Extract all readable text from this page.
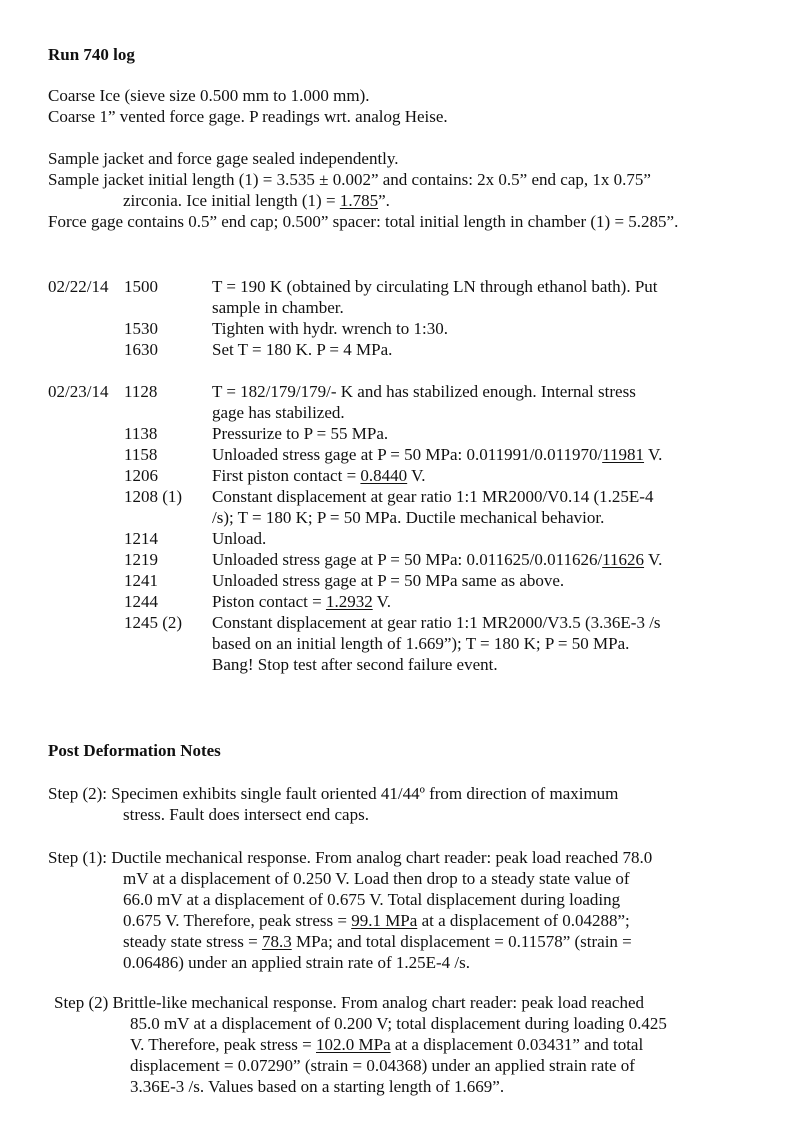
Run 740 log
Coarse Ice (sieve size 0.500 mm to 1.000 mm).
Coarse 1” vented force gage. P readings wrt. analog Heise.
Sample jacket and force gage sealed independently.
Sample jacket initial length (1) = 3.535 ± 0.002” and contains: 2x 0.5” end cap, 1x 0.75”
zirconia. Ice initial length (1) = 1.785”.
Force gage contains 0.5” end cap; 0.500” spacer: total initial length in chamber (1) = 5.285”.
02/22/14 1500	T = 190 K (obtained by circulating LN through ethanol bath). Put
sample in chamber.
1530	Tighten with hydr. wrench to 1:30.
1630	Set T = 180 K. P = 4 MPa.
02/23/14 1128	T = 182/179/179/- K and has stabilized enough. Internal stress
gage has stabilized.
1138	Pressurize to P = 55 MPa.
1158	Unloaded stress gage at P = 50 MPa: 0.011991/0.011970/11981 V.
1206	First piston contact = 0.8440 V.
1208 (1) Constant displacement at gear ratio 1:1 MR2000/V0.14 (1.25E-4
/s); T = 180 K; P = 50 MPa. Ductile mechanical behavior.
1214	Unload.
1219	Unloaded stress gage at P = 50 MPa: 0.011625/0.011626/11626 V.
1241	Unloaded stress gage at P = 50 MPa same as above.
1244	Piston contact = 1.2932 V.
1245 (2) Constant displacement at gear ratio 1:1 MR2000/V3.5 (3.36E-3 /s
based on an initial length of 1.669”); T = 180 K; P = 50 MPa.
Bang! Stop test after second failure event.
Post Deformation Notes
Step (2): Specimen exhibits single fault oriented 41/44º from direction of maximum
stress. Fault does intersect end caps.
Step (1): Ductile mechanical response. From analog chart reader: peak load reached 78.0
mV at a displacement of 0.250 V. Load then drop to a steady state value of
66.0 mV at a displacement of 0.675 V. Total displacement during loading
0.675 V. Therefore, peak stress = 99.1 MPa at a displacement of 0.04288”;
steady state stress = 78.3 MPa; and total displacement = 0.11578” (strain =
0.06486) under an applied strain rate of 1.25E-4 /s.
Step (2) Brittle-like mechanical response. From analog chart reader: peak load reached
85.0 mV at a displacement of 0.200 V; total displacement during loading 0.425
V. Therefore, peak stress = 102.0 MPa at a displacement 0.03431” and total
displacement = 0.07290” (strain = 0.04368) under an applied strain rate of
3.36E-3 /s. Values based on a starting length of 1.669”.
